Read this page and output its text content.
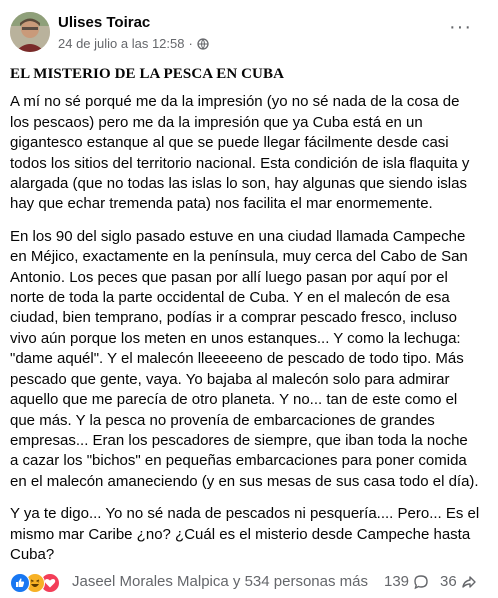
Ulises Toirac
24 de julio a las 12:58 ·
···

EL MISTERIO DE LA PESCA EN CUBA

A mí no sé porqué me da la impresión (yo no sé nada de la cosa de los pescaos) pero me da la impresión que ya Cuba está en un gigantesco estanque al que se puede llegar fácilmente desde casi todos los sitios del territorio nacional. Esta condición de isla flaquita y alargada (que no todas las islas lo son, hay algunas que siendo islas hay que echar tremenda pata) nos facilita el mar enormemente.

En los 90 del siglo pasado estuve en una ciudad llamada Campeche en Méjico, exactamente en la península, muy cerca del Cabo de San Antonio. Los peces que pasan por allí luego pasan por aquí por el norte de toda la parte occidental de Cuba. Y en el malecón de esa ciudad, bien temprano, podías ir a comprar pescado fresco, incluso vivo aún porque los meten en unos estanques... Y como la lechuga: "dame aquél". Y el malecón lleeeeeno de pescado de todo tipo. Más pescado que gente, vaya. Yo bajaba al malecón solo para admirar aquello que me parecía de otro planeta. Y no... tan de este como el que más. Y la pesca no provenía de embarcaciones de grandes empresas... Eran los pescadores de siempre, que iban toda la noche a cazar los "bichos" en pequeñas embarcaciones para poner comida en el malecón amaneciendo (y en sus mesas de sus casa todo el día).

Y ya te digo... Yo no sé nada de pescados ni pesquería.... Pero... Es el mismo mar Caribe ¿no? ¿Cuál es el misterio desde Campeche hasta Cuba?

Jaseel Morales Malpica y 534 personas más 139 36
